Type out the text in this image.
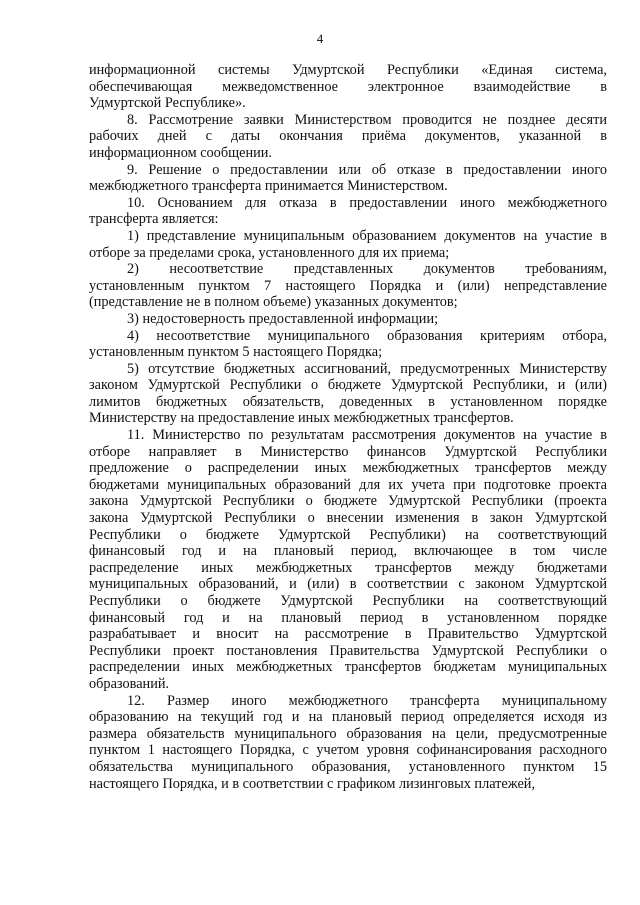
4
информационной системы Удмуртской Республики «Единая система,
обеспечивающая межведомственное электронное взаимодействие в
Удмуртской Республике».
8. Рассмотрение заявки Министерством проводится не позднее десяти
рабочих дней с даты окончания приёма документов, указанной в
информационном сообщении.
9. Решение о предоставлении или об отказе в предоставлении иного
межбюджетного трансферта принимается Министерством.
10. Основанием для отказа в предоставлении иного межбюджетного
трансферта является:
1) представление муниципальным образованием документов на участие в
отборе за пределами срока, установленного для их приема;
2) несоответствие представленных документов требованиям,
установленным пунктом 7 настоящего Порядка и (или) непредставление
(представление не в полном объеме) указанных документов;
3) недостоверность предоставленной информации;
4) несоответствие муниципального образования критериям отбора,
установленным пунктом 5 настоящего Порядка;
5) отсутствие бюджетных ассигнований, предусмотренных Министерству
законом Удмуртской Республики о бюджете Удмуртской Республики, и (или)
лимитов бюджетных обязательств, доведенных в установленном порядке
Министерству на предоставление иных межбюджетных трансфертов.
11. Министерство по результатам рассмотрения документов на участие в
отборе направляет в Министерство финансов Удмуртской Республики
предложение о распределении иных межбюджетных трансфертов между
бюджетами муниципальных образований для их учета при подготовке проекта
закона Удмуртской Республики о бюджете Удмуртской Республики (проекта
закона Удмуртской Республики о внесении изменения в закон Удмуртской
Республики о бюджете Удмуртской Республики) на соответствующий
финансовый год и на плановый период, включающее в том числе
распределение иных межбюджетных трансфертов между бюджетами
муниципальных образований, и (или) в соответствии с законом Удмуртской
Республики о бюджете Удмуртской Республики на соответствующий
финансовый год и на плановый период в установленном порядке
разрабатывает и вносит на рассмотрение в Правительство Удмуртской
Республики проект постановления Правительства Удмуртской Республики о
распределении иных межбюджетных трансфертов бюджетам муниципальных
образований.
12. Размер иного межбюджетного трансферта муниципальному
образованию на текущий год и на плановый период определяется исходя из
размера обязательств муниципального образования на цели, предусмотренные
пунктом 1 настоящего Порядка, с учетом уровня софинансирования расходного
обязательства муниципального образования, установленного пунктом 15
настоящего Порядка, и в соответствии с графиком лизинговых платежей,
